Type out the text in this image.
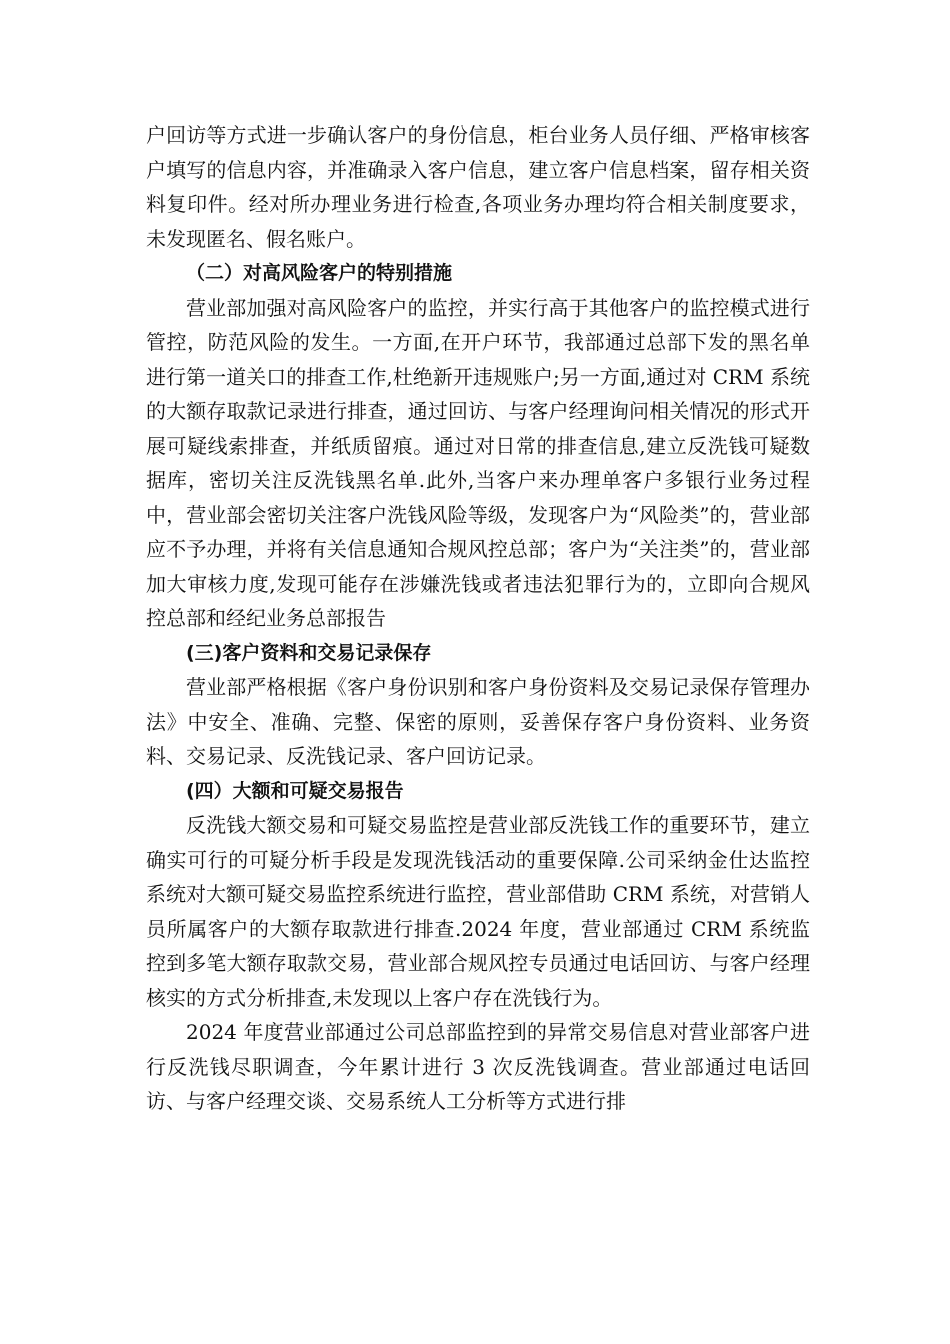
户回访等方式进一步确认客户的身份信息，柜台业务人员仔细、严格审核客户填写的信息内容，并准确录入客户信息，建立客户信息档案，留存相关资料复印件。经对所办理业务进行检查,各项业务办理均符合相关制度要求，未发现匿名、假名账户。

（二）对高风险客户的特别措施

营业部加强对高风险客户的监控，并实行高于其他客户的监控模式进行管控，防范风险的发生。一方面,在开户环节，我部通过总部下发的黑名单进行第一道关口的排查工作,杜绝新开违规账户;另一方面,通过对 CRM 系统的大额存取款记录进行排查，通过回访、与客户经理询问相关情况的形式开展可疑线索排查，并纸质留痕。通过对日常的排查信息,建立反洗钱可疑数据库，密切关注反洗钱黑名单.此外,当客户来办理单客户多银行业务过程中，营业部会密切关注客户洗钱风险等级，发现客户为“风险类”的，营业部应不予办理，并将有关信息通知合规风控总部；客户为“关注类”的，营业部加大审核力度,发现可能存在涉嫌洗钱或者违法犯罪行为的，立即向合规风控总部和经纪业务总部报告

(三)客户资料和交易记录保存

营业部严格根据《客户身份识别和客户身份资料及交易记录保存管理办法》中安全、准确、完整、保密的原则，妥善保存客户身份资料、业务资料、交易记录、反洗钱记录、客户回访记录。

(四）大额和可疑交易报告

反洗钱大额交易和可疑交易监控是营业部反洗钱工作的重要环节，建立确实可行的可疑分析手段是发现洗钱活动的重要保障.公司采纳金仕达监控系统对大额可疑交易监控系统进行监控，营业部借助 CRM 系统，对营销人员所属客户的大额存取款进行排查.2024 年度，营业部通过 CRM 系统监控到多笔大额存取款交易，营业部合规风控专员通过电话回访、与客户经理核实的方式分析排查,未发现以上客户存在洗钱行为。

2024 年度营业部通过公司总部监控到的异常交易信息对营业部客户进行反洗钱尽职调查，今年累计进行 3 次反洗钱调查。营业部通过电话回访、与客户经理交谈、交易系统人工分析等方式进行排
